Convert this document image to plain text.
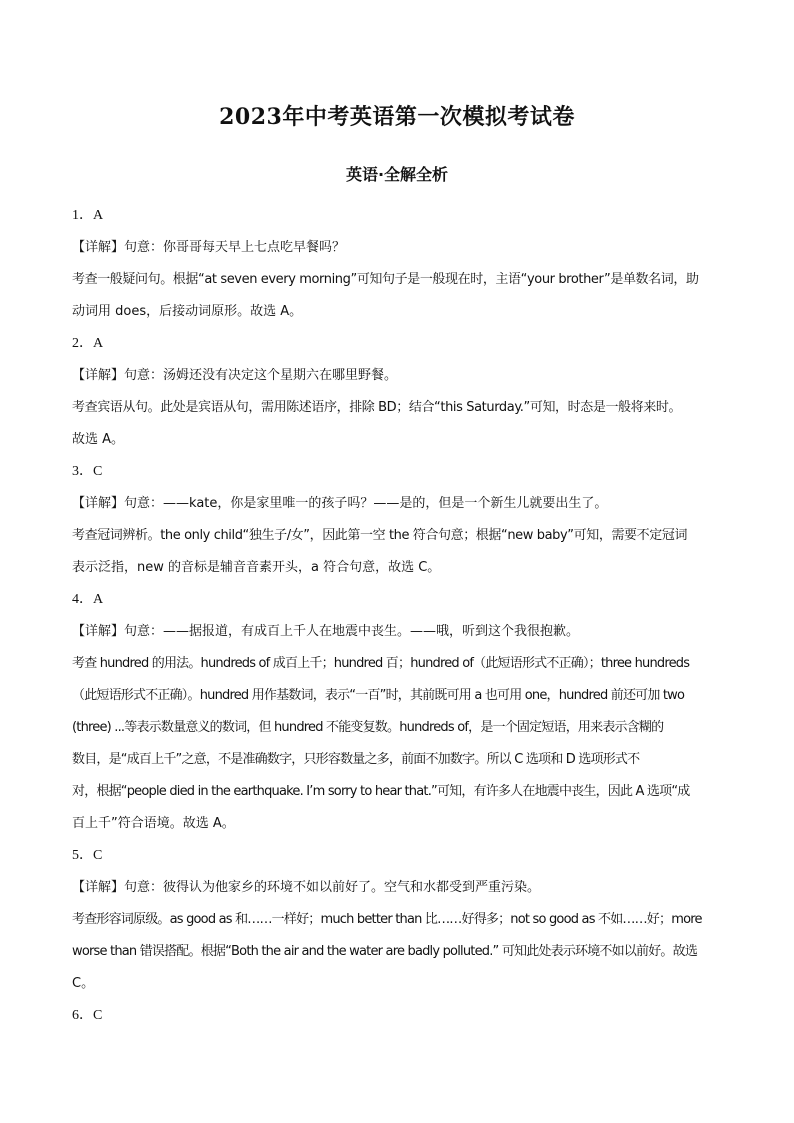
2023年中考英语第一次模拟考试卷
英语·全解全析
1．A
【详解】句意：你哥哥每天早上七点吃早餐吗？
考查一般疑问句。根据“at seven every morning”可知句子是一般现在时，主语“your brother”是单数名词，助
动词用 does，后接动词原形。故选 A。
2．A
【详解】句意：汤姆还没有决定这个星期六在哪里野餐。
考查宾语从句。此处是宾语从句，需用陈述语序，排除 BD；结合“this Saturday.”可知，时态是一般将来时。
故选 A。
3．C
【详解】句意：——kate，你是家里唯一的孩子吗？——是的，但是一个新生儿就要出生了。
考查冠词辨析。the only child“独生子/女”，因此第一空 the 符合句意；根据“new baby”可知，需要不定冠词
表示泛指，new 的音标是辅音音素开头，a 符合句意，故选 C。
4．A
【详解】句意：——据报道，有成百上千人在地震中丧生。——哦，听到这个我很抱歉。
考查 hundred 的用法。hundreds of 成百上千；hundred 百；hundred of（此短语形式不正确）；three hundreds
（此短语形式不正确）。hundred 用作基数词，表示“一百”时，其前既可用 a 也可用 one，hundred 前还可加 two
(three) ...等表示数量意义的数词，但 hundred 不能变复数。hundreds of，是一个固定短语，用来表示含糊的
数目，是“成百上千”之意，不是准确数字，只形容数量之多，前面不加数字。所以 C 选项和 D 选项形式不
对，根据“people died in the earthquake. I’m sorry to hear that.”可知，有许多人在地震中丧生，因此 A 选项“成
百上千”符合语境。故选 A。
5．C
【详解】句意：彼得认为他家乡的环境不如以前好了。空气和水都受到严重污染。
考查形容词原级。as good as 和……一样好；much better than 比……好得多；not so good as 不如……好；more
worse than 错误搭配。根据“Both the air and the water are badly polluted.” 可知此处表示环境不如以前好。故选
C。
6．C
